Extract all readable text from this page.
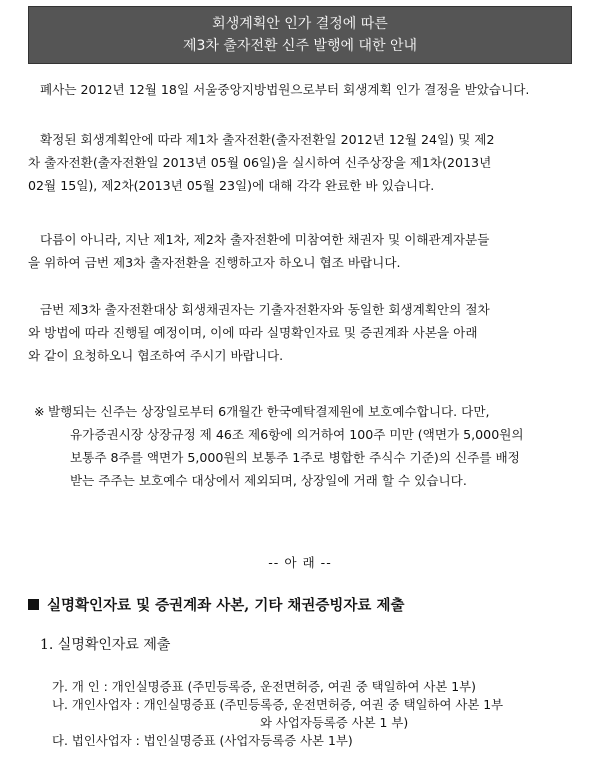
회생계획안 인가 결정에 따른
제3차 출자전환 신주 발행에 대한 안내
폐사는 2012년 12월 18일 서울중앙지방법원으로부터 회생계획 인가 결정을 받았습니다.
확정된 회생계획안에 따라 제1차 출자전환(출자전환일 2012년 12월 24일) 및 제2
차 출자전환(출자전환일 2013년 05월 06일)을 실시하여 신주상장을 제1차(2013년
02월 15일), 제2차(2013년 05월 23일)에 대해 각각 완료한 바 있습니다.
다름이 아니라, 지난 제1차, 제2차 출자전환에 미참여한 채권자 및 이해관계자분들
을 위하여 금번 제3차 출자전환을 진행하고자 하오니 협조 바랍니다.
금번 제3차 출자전환대상 회생채권자는 기출자전환자와 동일한 회생계획안의 절차
와 방법에 따라 진행될 예정이며, 이에 따라 실명확인자료 및 증권계좌 사본을 아래
와 같이 요청하오니 협조하여 주시기 바랍니다.
※ 발행되는 신주는 상장일로부터 6개월간 한국예탁결제원에 보호예수합니다. 다만,
유가증권시장 상장규정 제 46조 제6항에 의거하여 100주 미만 (액면가 5,000원의
보통주 8주를 액면가 5,000원의 보통주 1주로 병합한 주식수 기준)의 신주를 배정
받는 주주는 보호예수 대상에서 제외되며, 상장일에 거래 할 수 있습니다.
-- 아 래 --
실명확인자료 및 증권계좌 사본, 기타 채권증빙자료 제출
1. 실명확인자료 제출
가. 개 인 : 개인실명증표 (주민등록증, 운전면허증, 여권 중 택일하여 사본 1부)
나. 개인사업자 : 개인실명증표 (주민등록증, 운전면허증, 여권 중 택일하여 사본 1부
와 사업자등록증 사본 1 부)
다. 법인사업자 : 법인실명증표 (사업자등록증 사본 1부)
